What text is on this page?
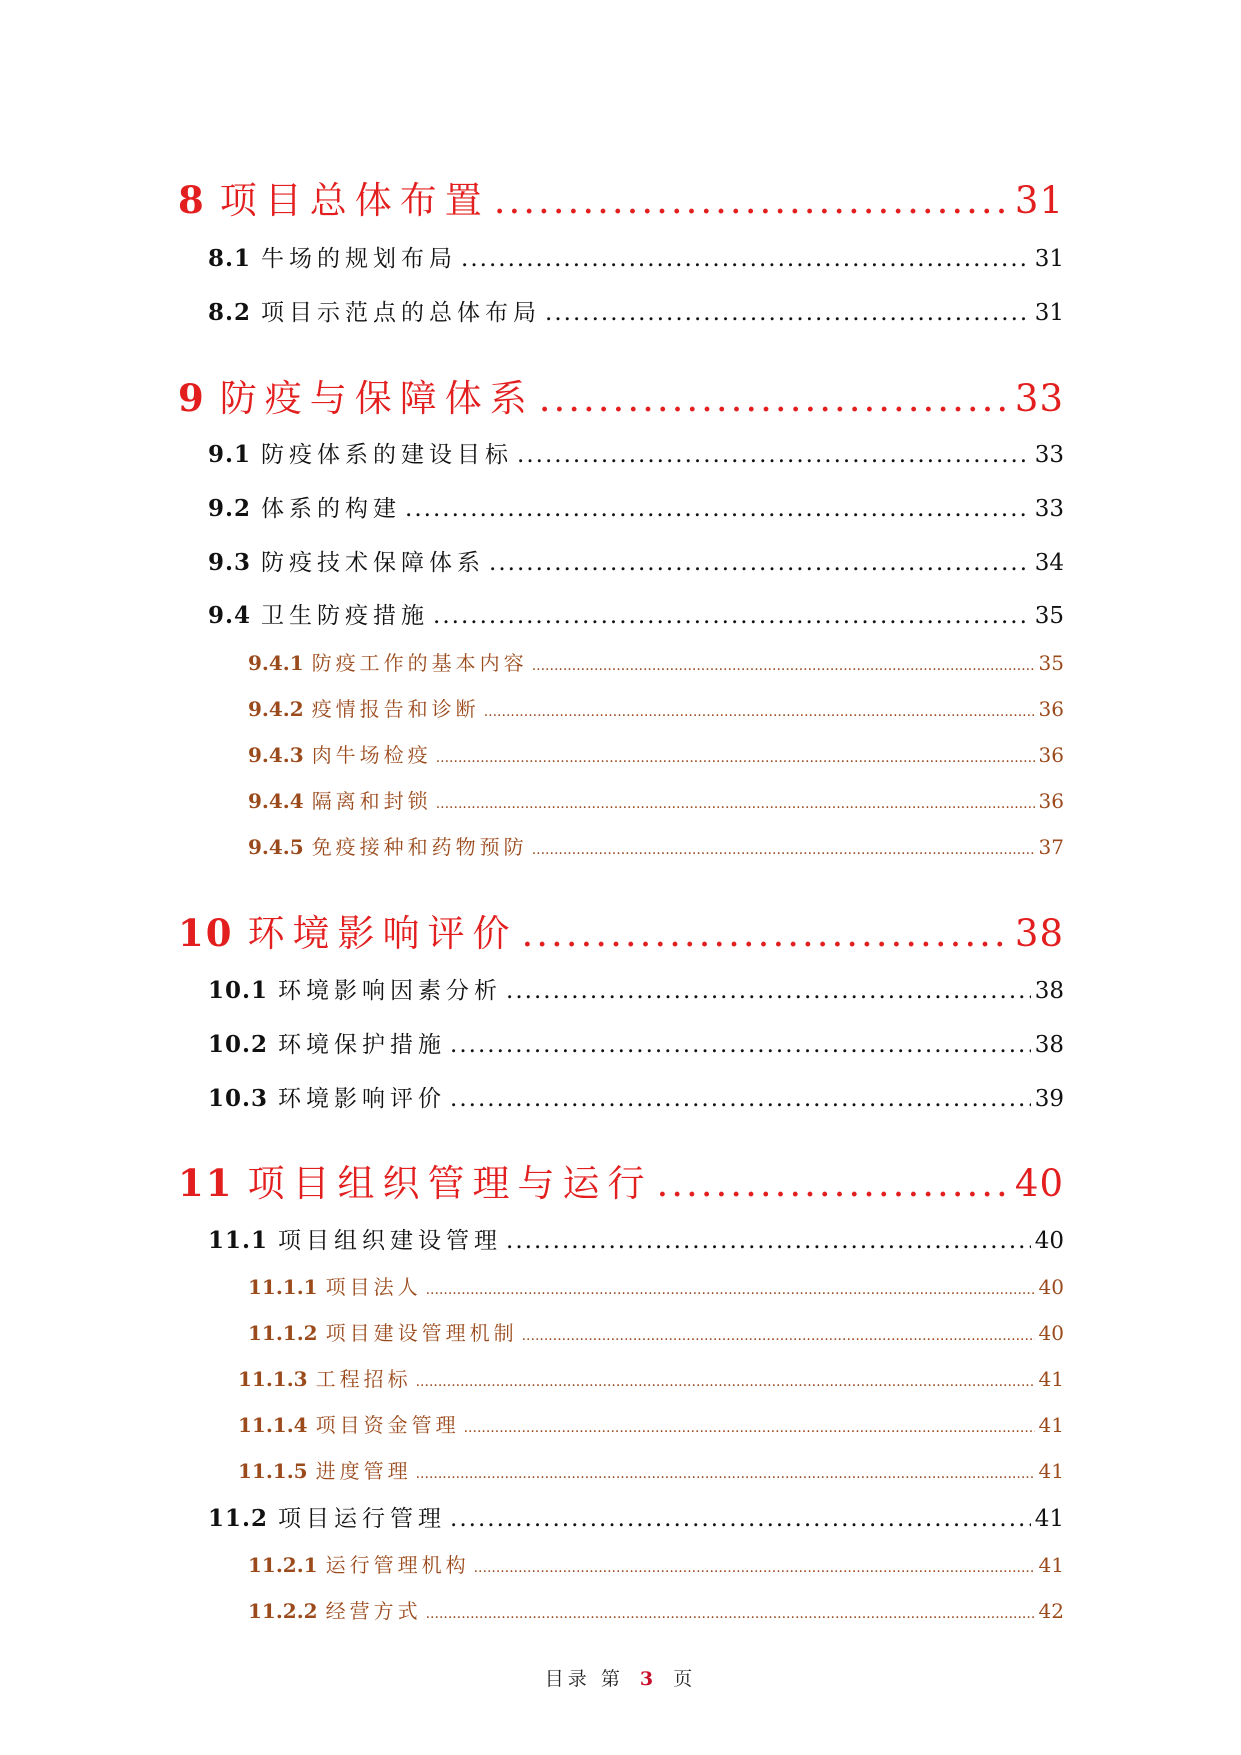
8 项目总体布置 .....	31
8.1 牛场的规划布局 .....	31
8.2 项目示范点的总体布局 .....	31
9 防疫与保障体系 .....	33
9.1 防疫体系的建设目标 .....	33
9.2 体系的构建 .....	33
9.3 防疫技术保障体系 .....	34
9.4 卫生防疫措施 .....	35
9.4.1 防疫工作的基本内容 .....	35
9.4.2 疫情报告和诊断 .....	36
9.4.3 肉牛场检疫 .....	36
9.4.4 隔离和封锁 .....	36
9.4.5 免疫接种和药物预防 .....	37
10 环境影响评价 .....	38
10.1 环境影响因素分析 .....	38
10.2 环境保护措施 .....	38
10.3 环境影响评价 .....	39
11 项目组织管理与运行 .....	40
11.1 项目组织建设管理 .....	40
11.1.1 项目法人 .....	40
11.1.2 项目建设管理机制 .....	40
11.1.3 工程招标 .....	41
11.1.4 项目资金管理 .....	41
11.1.5 进度管理 .....	41
11.2 项目运行管理 .....	41
11.2.1 运行管理机构 .....	41
11.2.2 经营方式 .....	42
目录 第 3 页
